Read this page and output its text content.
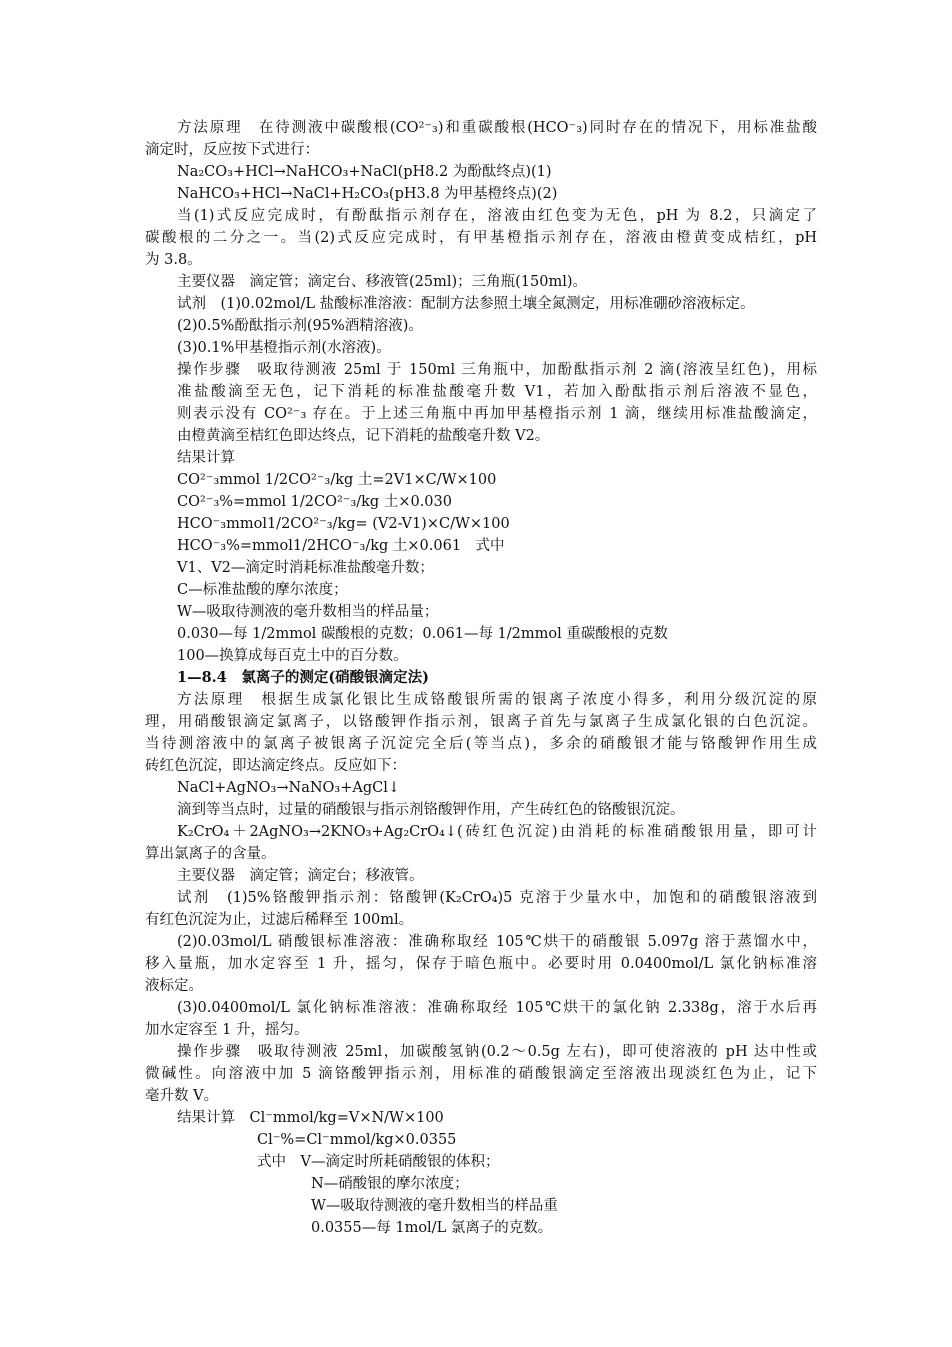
方法原理　在待测液中碳酸根(CO²⁻₃)和重碳酸根(HCO⁻₃)同时存在的情况下，用标准盐酸
滴定时，反应按下式进行：
Na₂CO₃+HCl→NaHCO₃+NaCl(pH8.2 为酚酞终点)(1)
NaHCO₃+HCl→NaCl+H₂CO₃(pH3.8 为甲基橙终点)(2)
当(1)式反应完成时，有酚酞指示剂存在，溶液由红色变为无色，pH 为 8.2，只滴定了
碳酸根的二分之一。当(2)式反应完成时，有甲基橙指示剂存在，溶液由橙黄变成桔红，pH
为 3.8。
主要仪器　滴定管；滴定台、移液管(25ml)；三角瓶(150ml)。
试剂　(1)0.02mol/L 盐酸标准溶液：配制方法参照土壤全氮测定，用标准硼砂溶液标定。
(2)0.5%酚酞指示剂(95%酒精溶液)。
(3)0.1%甲基橙指示剂(水溶液)。
操作步骤　吸取待测液 25ml 于 150ml 三角瓶中，加酚酞指示剂 2 滴(溶液呈红色)，用标
准盐酸滴至无色，记下消耗的标准盐酸毫升数 V1，若加入酚酞指示剂后溶液不显色，
则表示没有 CO²⁻₃ 存在。于上述三角瓶中再加甲基橙指示剂 1 滴，继续用标准盐酸滴定，
由橙黄滴至桔红色即达终点，记下消耗的盐酸毫升数 V2。
结果计算
CO²⁻₃mmol 1/2CO²⁻₃/kg 土=2V1×C/W×100
CO²⁻₃%=mmol 1/2CO²⁻₃/kg 土×0.030
HCO⁻₃mmol1/2CO²⁻₃/kg= (V2-V1)×C/W×100
HCO⁻₃%=mmol1/2HCO⁻₃/kg 土×0.061　式中
V1、V2—滴定时消耗标准盐酸毫升数；
C—标准盐酸的摩尔浓度；
W—吸取待测液的毫升数相当的样品量；
0.030—每 1/2mmol 碳酸根的克数；0.061—每 1/2mmol 重碳酸根的克数
100—换算成每百克土中的百分数。
1—8.4　氯离子的测定(硝酸银滴定法)
方法原理　根据生成氯化银比生成铬酸银所需的银离子浓度小得多，利用分级沉淀的原
理，用硝酸银滴定氯离子，以铬酸钾作指示剂，银离子首先与氯离子生成氯化银的白色沉淀。
当待测溶液中的氯离子被银离子沉淀完全后(等当点)，多余的硝酸银才能与铬酸钾作用生成
砖红色沉淀，即达滴定终点。反应如下：
NaCl+AgNO₃→NaNO₃+AgCl↓
滴到等当点时，过量的硝酸银与指示剂铬酸钾作用，产生砖红色的铬酸银沉淀。
K₂CrO₄＋2AgNO₃→2KNO₃+Ag₂CrO₄↓(砖红色沉淀)由消耗的标准硝酸银用量，即可计
算出氯离子的含量。
主要仪器　滴定管；滴定台；移液管。
试剂　(1)5%铬酸钾指示剂：铬酸钾(K₂CrO₄)5 克溶于少量水中，加饱和的硝酸银溶液到
有红色沉淀为止，过滤后稀释至 100ml。
(2)0.03mol/L 硝酸银标准溶液：准确称取经 105℃烘干的硝酸银 5.097g 溶于蒸馏水中，
移入量瓶，加水定容至 1 升，摇匀，保存于暗色瓶中。必要时用 0.0400mol/L 氯化钠标准溶
液标定。
(3)0.0400mol/L 氯化钠标准溶液：准确称取经 105℃烘干的氯化钠 2.338g，溶于水后再
加水定容至 1 升，摇匀。
操作步骤　吸取待测液 25ml，加碳酸氢钠(0.2～0.5g 左右)，即可使溶液的 pH 达中性或
微碱性。向溶液中加 5 滴铬酸钾指示剂，用标准的硝酸银滴定至溶液出现淡红色为止，记下
毫升数 V。
结果计算　Cl⁻mmol/kg=V×N/W×100
Cl⁻%=Cl⁻mmol/kg×0.0355
式中　V—滴定时所耗硝酸银的体积；
N—硝酸银的摩尔浓度；
W—吸取待测液的毫升数相当的样品重
0.0355—每 1mol/L 氯离子的克数。
